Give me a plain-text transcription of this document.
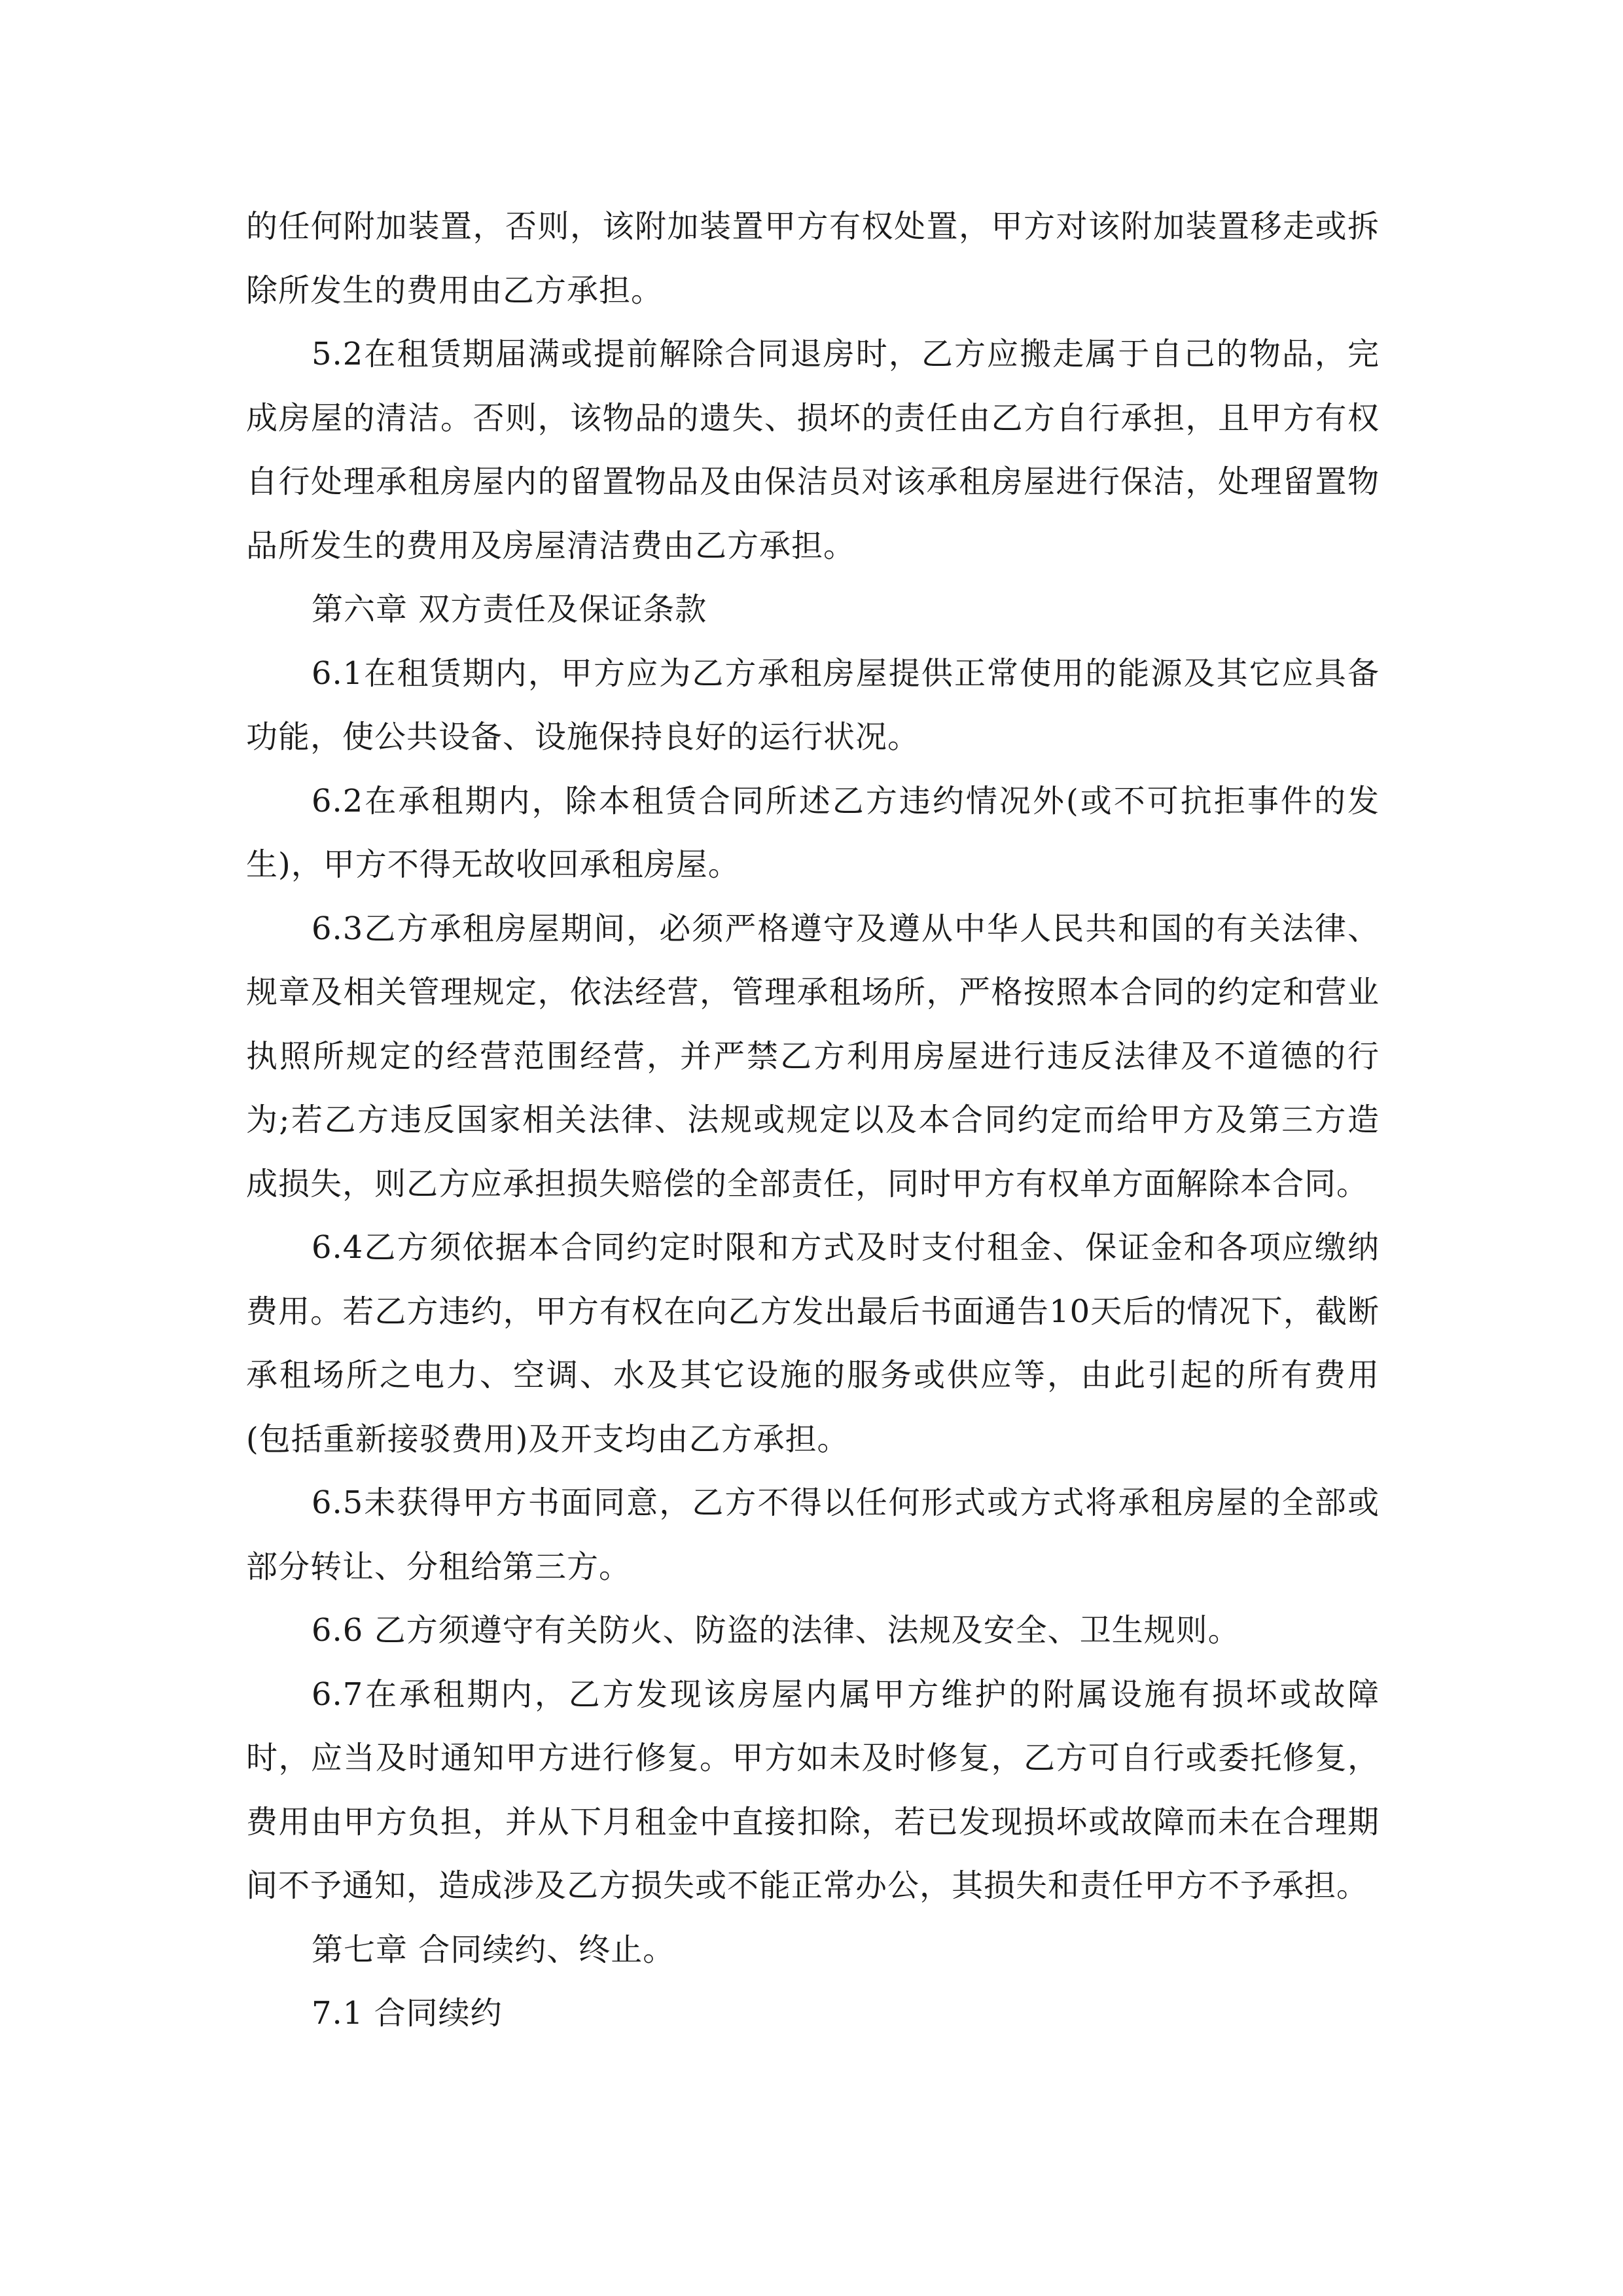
的任何附加装置，否则，该附加装置甲方有权处置，甲方对该附加装置移走或拆除所发生的费用由乙方承担。

5.2在租赁期届满或提前解除合同退房时，乙方应搬走属于自己的物品，完成房屋的清洁。否则，该物品的遗失、损坏的责任由乙方自行承担，且甲方有权自行处理承租房屋内的留置物品及由保洁员对该承租房屋进行保洁，处理留置物品所发生的费用及房屋清洁费由乙方承担。

第六章 双方责任及保证条款

6.1在租赁期内，甲方应为乙方承租房屋提供正常使用的能源及其它应具备功能，使公共设备、设施保持良好的运行状况。

6.2在承租期内，除本租赁合同所述乙方违约情况外(或不可抗拒事件的发生)，甲方不得无故收回承租房屋。

6.3乙方承租房屋期间，必须严格遵守及遵从中华人民共和国的有关法律、规章及相关管理规定，依法经营，管理承租场所，严格按照本合同的约定和营业执照所规定的经营范围经营，并严禁乙方利用房屋进行违反法律及不道德的行为;若乙方违反国家相关法律、法规或规定以及本合同约定而给甲方及第三方造成损失，则乙方应承担损失赔偿的全部责任，同时甲方有权单方面解除本合同。

6.4乙方须依据本合同约定时限和方式及时支付租金、保证金和各项应缴纳费用。若乙方违约，甲方有权在向乙方发出最后书面通告10天后的情况下，截断承租场所之电力、空调、水及其它设施的服务或供应等，由此引起的所有费用(包括重新接驳费用)及开支均由乙方承担。

6.5未获得甲方书面同意，乙方不得以任何形式或方式将承租房屋的全部或部分转让、分租给第三方。

6.6 乙方须遵守有关防火、防盗的法律、法规及安全、卫生规则。

6.7在承租期内，乙方发现该房屋内属甲方维护的附属设施有损坏或故障时，应当及时通知甲方进行修复。甲方如未及时修复，乙方可自行或委托修复，费用由甲方负担，并从下月租金中直接扣除，若已发现损坏或故障而未在合理期间不予通知，造成涉及乙方损失或不能正常办公，其损失和责任甲方不予承担。

第七章 合同续约、终止。

7.1 合同续约
